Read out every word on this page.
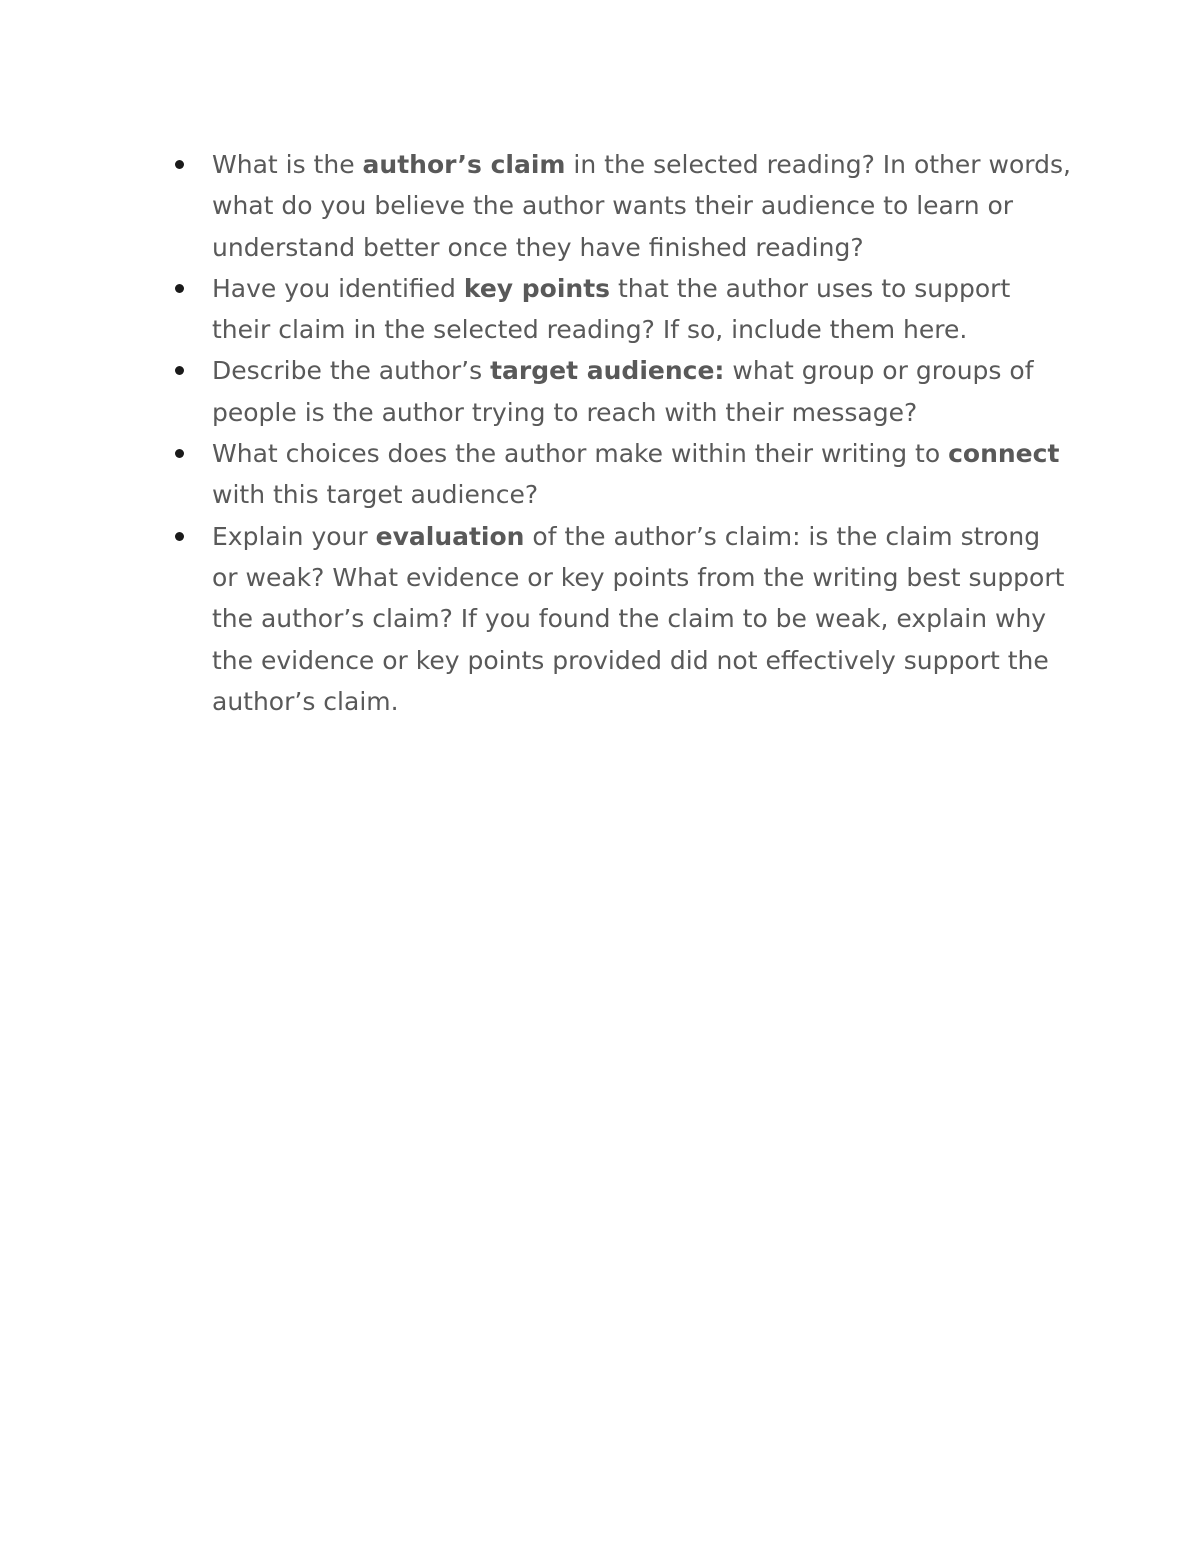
What is the author’s claim in the selected reading? In other words, what do you believe the author wants their audience to learn or understand better once they have finished reading?
Have you identified key points that the author uses to support their claim in the selected reading? If so, include them here.
Describe the author’s target audience: what group or groups of people is the author trying to reach with their message?
What choices does the author make within their writing to connect with this target audience?
Explain your evaluation of the author’s claim: is the claim strong or weak? What evidence or key points from the writing best support the author’s claim? If you found the claim to be weak, explain why the evidence or key points provided did not effectively support the author’s claim.
